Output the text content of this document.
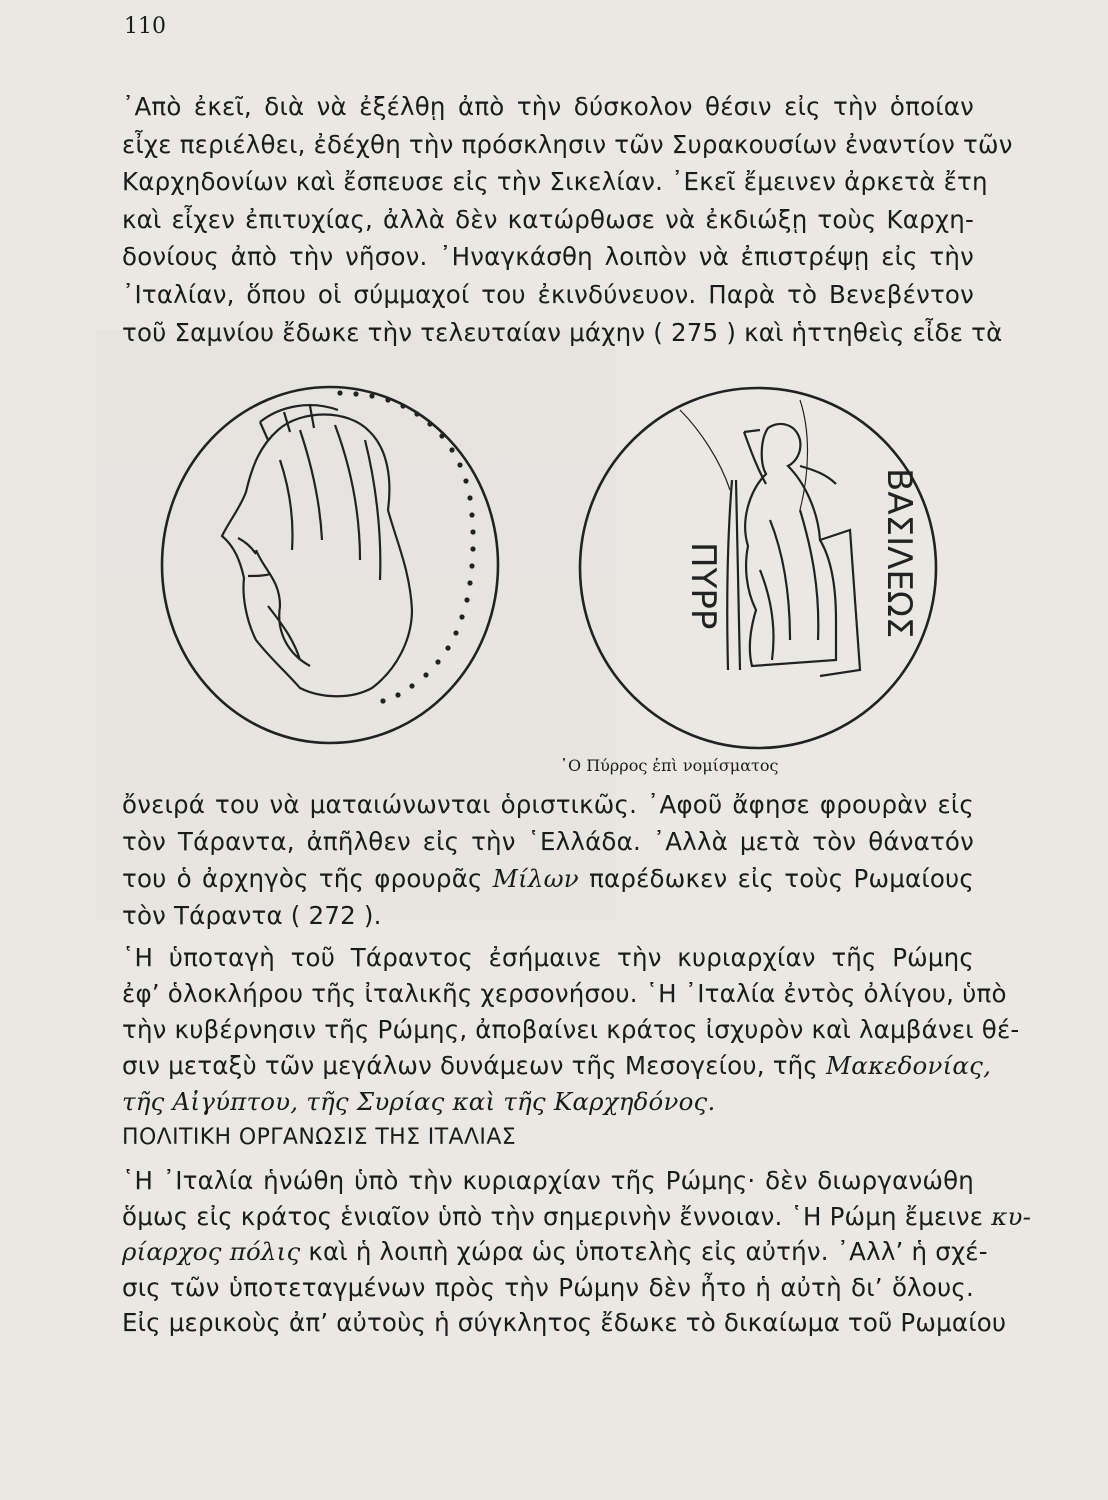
110
᾿Απὸ ἐκεῖ, διὰ νὰ ἐξέλθῃ ἀπὸ τὴν δύσκολον θέσιν εἰς τὴν ὁποίαν
εἶχε περιέλθει, ἐδέχθη τὴν πρόσκλησιν τῶν Συρακουσίων ἐναντίον τῶν
Καρχηδονίων καὶ ἔσπευσε εἰς τὴν Σικελίαν. ᾿Εκεῖ ἔμεινεν ἀρκετὰ ἔτη
καὶ εἶχεν ἐπιτυχίας, ἀλλὰ δὲν κατώρθωσε νὰ ἐκδιώξῃ τοὺς Καρχη-
δονίους ἀπὸ τὴν νῆσον. ᾿Ηναγκάσθη λοιπὸν νὰ ἐπιστρέψῃ εἰς τὴν
᾿Ιταλίαν, ὅπου οἱ σύμμαχοί του ἐκινδύνευον. Παρὰ τὸ Βενεβέντον
τοῦ Σαμνίου ἔδωκε τὴν τελευταίαν μάχην ( 275 ) καὶ ἡττηθεὶς εἶδε τὰ
ΠΥΡΡ	ΒΑΣΙΛΕΩΣ
῾Ο Πύρρος ἐπὶ νομίσματος
ὄνειρά του νὰ ματαιώνωνται ὁριστικῶς. ᾿Αφοῦ ἄφησε φρουρὰν εἰς
τὸν Τάραντα, ἀπῆλθεν εἰς τὴν ῾Ελλάδα. ᾿Αλλὰ μετὰ τὸν θάνατόν
του ὁ ἀρχηγὸς τῆς φρουρᾶς Μίλων παρέδωκεν εἰς τοὺς Ρωμαίους
τὸν Τάραντα ( 272 ).
῾Η ὑποταγὴ τοῦ Τάραντος ἐσήμαινε τὴν κυριαρχίαν τῆς Ρώμης
ἐφ’ ὁλοκλήρου τῆς ἰταλικῆς χερσονήσου. ῾Η ᾿Ιταλία ἐντὸς ὀλίγου, ὑπὸ
τὴν κυβέρνησιν τῆς Ρώμης, ἀποβαίνει κράτος ἰσχυρὸν καὶ λαμβάνει θέ-
σιν μεταξὺ τῶν μεγάλων δυνάμεων τῆς Μεσογείου, τῆς Μακεδονίας,
τῆς Αἰγύπτου, τῆς Συρίας καὶ τῆς Καρχηδόνος.
ΠΟΛΙΤΙΚΗ ΟΡΓΑΝΩΣΙΣ ΤΗΣ ΙΤΑΛΙΑΣ
῾Η ᾿Ιταλία ἡνώθη ὑπὸ τὴν κυριαρχίαν τῆς Ρώμης· δὲν διωργανώθη
ὅμως εἰς κράτος ἑνιαῖον ὑπὸ τὴν σημερινὴν ἔννοιαν. ῾Η Ρώμη ἔμεινε κυ-
ρίαρχος πόλις καὶ ἡ λοιπὴ χώρα ὡς ὑποτελὴς εἰς αὐτήν. ᾿Αλλ’ ἡ σχέ-
σις τῶν ὑποτεταγμένων πρὸς τὴν Ρώμην δὲν ἦτο ἡ αὐτὴ δι’ ὅλους.
Εἰς μερικοὺς ἀπ’ αὐτοὺς ἡ σύγκλητος ἔδωκε τὸ δικαίωμα τοῦ Ρωμαίου
